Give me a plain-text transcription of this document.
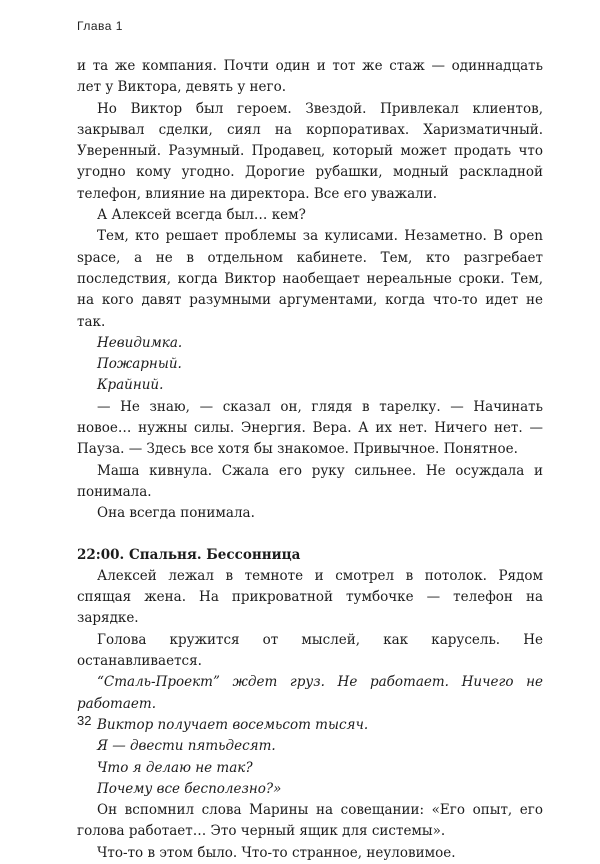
Глава 1

и та же компания. Почти один и тот же стаж — одиннадцать лет у Виктора, девять у него.

Но Виктор был героем. Звездой. Привлекал клиентов, закрывал сделки, сиял на корпоративах. Харизматичный. Уверенный. Разумный. Продавец, который может продать что угодно кому угодно. Дорогие рубашки, модный раскладной телефон, влияние на директора. Все его уважали.

А Алексей всегда был… кем?

Тем, кто решает проблемы за кулисами. Незаметно. В open space, а не в отдельном кабинете. Тем, кто разгребает последствия, когда Виктор наобещает нереальные сроки. Тем, на кого давят разумными аргументами, когда что-то идет не так.

Невидимка.

Пожарный.

Крайний.

— Не знаю, — сказал он, глядя в тарелку. — Начинать новое… нужны силы. Энергия. Вера. А их нет. Ничего нет. — Пауза. — Здесь все хотя бы знакомое. Привычное. Понятное.

Маша кивнула. Сжала его руку сильнее. Не осуждала и понимала.

Она всегда понимала.

22:00. Спальня. Бессонница

Алексей лежал в темноте и смотрел в потолок. Рядом спящая жена. На прикроватной тумбочке — телефон на зарядке.

Голова кружится от мыслей, как карусель. Не останавливается.

“Сталь-Проект” ждет груз. Не работает. Ничего не работает.

Виктор получает восемьсот тысяч.

Я — двести пятьдесят.

Что я делаю не так?

Почему все бесполезно?»

Он вспомнил слова Марины на совещании: «Его опыт, его голова работает… Это черный ящик для системы».

Что-то в этом было. Что-то странное, неуловимое.

32
